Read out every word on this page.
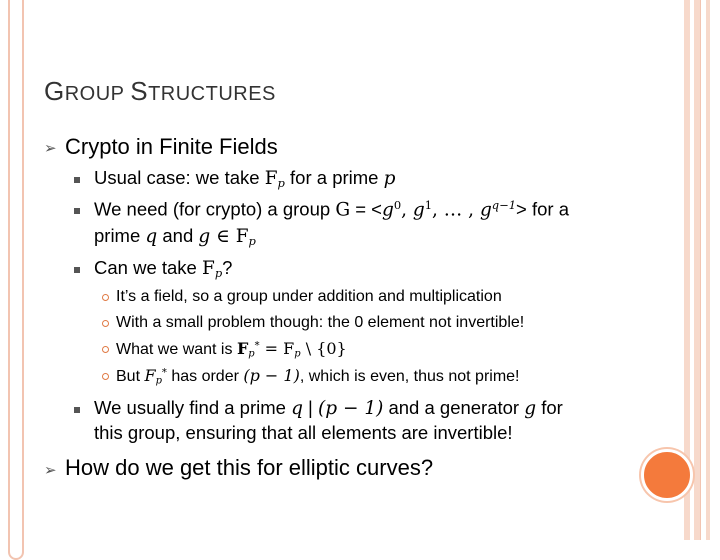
GROUP STRUCTURES
➢ Crypto in Finite Fields
Usual case: we take $F_p$ for a prime p
We need (for crypto) a group $G = <g^0$, $g^1$, … , $g^{q-1}>$ for a
prime q and g ∈ $F_p$
Can we take $F_p$?
It’s a field, so a group under addition and multiplication
With a small problem though: the 0 element not invertible!
What we want is $F_p^* = F_p$ \ {0}
But $F_p^*$ has order (p − 1), which is even, thus not prime!
We usually find a prime q | (p − 1) and a generator g for
this group, ensuring that all elements are invertible!
➢ How do we get this for elliptic curves?
